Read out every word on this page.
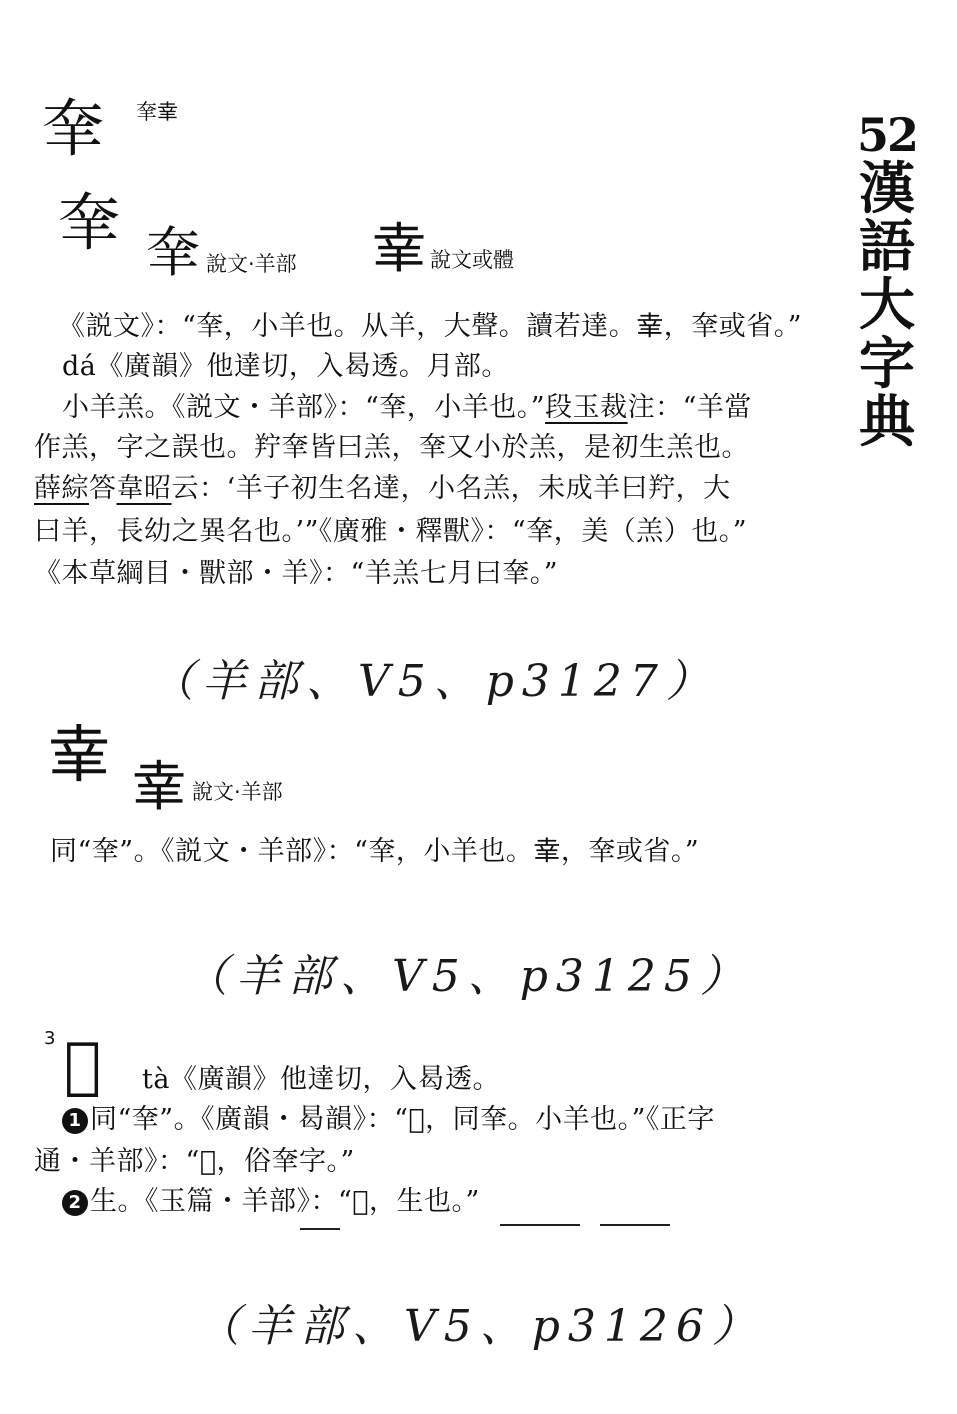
52
漢
語
大
字
典
羍 羍𦍒
羍 羍 說文·羊部 𦍒 說文或體
《説文》：“羍，小羊也。从羊，大聲。讀若達。𦍒，羍或省。”
dá《廣韻》他達切，入曷透。月部。
小羊羔。《説文・羊部》：“羍，小羊也。”段玉裁注：“羊當
作羔，字之誤也。羜羍皆曰羔，羍又小於羔，是初生羔也。
薛綜答韋昭云：‘羊子初生名達，小名羔，未成羊曰羜，大
曰羊，長幼之異名也。’”《廣雅・釋獸》：“羍，美（羔）也。”
《本草綱目・獸部・羊》：“羊羔七月曰羍。”
（羊部、V5、p3127）
𦍒 𦍒 說文·羊部
同“羍”。《説文・羊部》：“羍，小羊也。𦍒，羍或省。”
（羊部、V5、p3125）
3 𦍙 tà《廣韻》他達切，入曷透。
1 同“羍”。《廣韻・曷韻》：“𦍙，同羍。小羊也。”《正字
通・羊部》：“𦍙，俗羍字。”
2 生。《玉篇・羊部》：“𦍙，生也。”
（羊部、V5、p3126）
